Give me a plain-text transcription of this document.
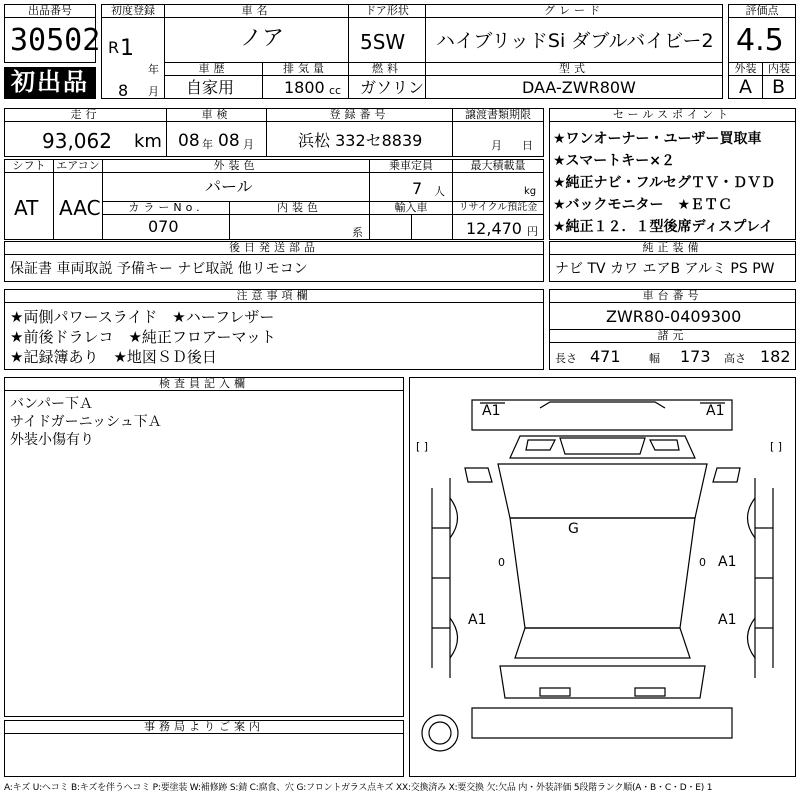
出品番号
30502
初出品
初度登録
R 1
年
8 月
車名
ノア
ドア形状
5SW
グレード
ハイブリッドSi ダブルバイビー2
評価点
4.5
車歴
自家用
排気量
1800 cc
燃料
ガソリン
型式
DAA-ZWR80W
外装	内装
A B
走行
93,062 km
車検
08 年 08 月
登録番号
浜松 332セ8839
譲渡書類期限
月 日
シフト
AT
エアコン
AAC
外装色
パール
乗車定員
7 人
最大積載量
kg
カラーNo.
070
内装色
系
輸入車	リサイクル預託金
12,470 円
セールスポイント
★ワンオーナー・ユーザー買取車
★スマートキー×２
★純正ナビ・フルセグＴＶ・ＤＶＤ
★バックモニター　★ＥＴＣ
★純正１２．１型後席ディスプレイ
後日発送部品
保証書 車両取説 予備キー ナビ取説 他リモコン
純正装備
ナビ TV カワ エアB アルミ PS PW
注意事項欄
★両側パワースライド　★ハーフレザー
★前後ドラレコ　★純正フロアーマット
★記録簿あり　★地図ＳＤ後日
車台番号
ZWR80-0409300
諸元
長さ 471	幅 173 高さ 182
検査員記入欄
バンパー下Ａ
サイドガーニッシュ下Ａ
外装小傷有り
事務局よりご案内
A1	A1
G
A1
A1	A1
[ ]	[ ]
0	0
A:キズ U:ヘコミ B:キズを伴うヘコミ P:要塗装 W:補修跡 S:錆 C:腐食、穴 G:フロントガラス点キズ XX:交換済み X:要交換 欠:欠品 内・外装評価 5段階ランク順(A・B・C・D・E) 1
